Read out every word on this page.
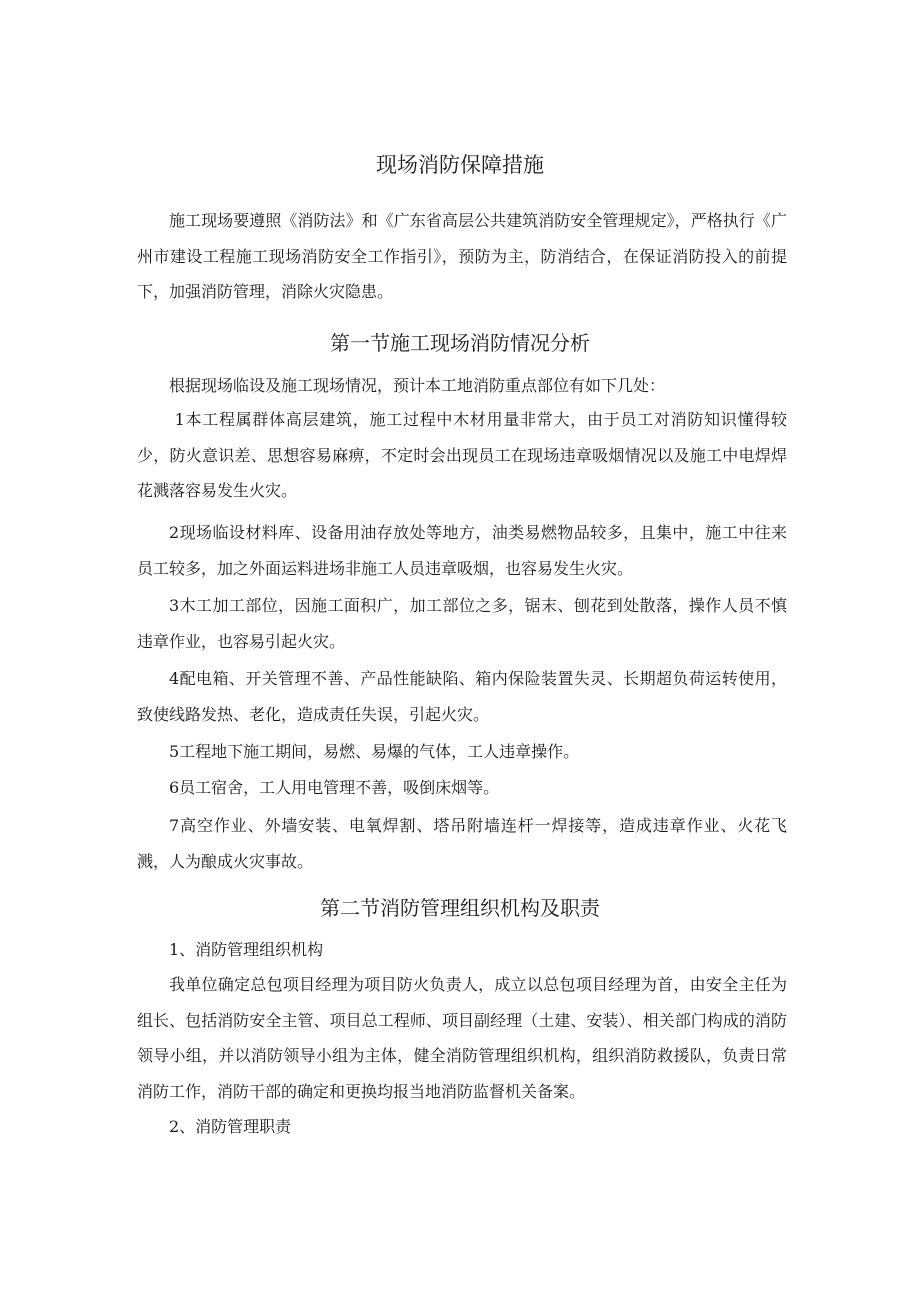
现场消防保障措施

施工现场要遵照《消防法》和《广东省高层公共建筑消防安全管理规定》，严格执行《广州市建设工程施工现场消防安全工作指引》，预防为主，防消结合，在保证消防投入的前提下，加强消防管理，消除火灾隐患。

第一节施工现场消防情况分析

根据现场临设及施工现场情况，预计本工地消防重点部位有如下几处：

1本工程属群体高层建筑，施工过程中木材用量非常大，由于员工对消防知识懂得较少，防火意识差、思想容易麻痹，不定时会出现员工在现场违章吸烟情况以及施工中电焊焊花溅落容易发生火灾。

2现场临设材料库、设备用油存放处等地方，油类易燃物品较多，且集中，施工中往来员工较多，加之外面运料进场非施工人员违章吸烟，也容易发生火灾。

3木工加工部位，因施工面积广，加工部位之多，锯末、刨花到处散落，操作人员不慎违章作业，也容易引起火灾。

4配电箱、开关管理不善、产品性能缺陷、箱内保险装置失灵、长期超负荷运转使用，致使线路发热、老化，造成责任失误，引起火灾。

5工程地下施工期间，易燃、易爆的气体，工人违章操作。

6员工宿舍，工人用电管理不善，吸倒床烟等。

7高空作业、外墙安装、电氧焊割、塔吊附墙连杆一焊接等，造成违章作业、火花飞溅，人为酿成火灾事故。

第二节消防管理组织机构及职责

1、消防管理组织机构

我单位确定总包项目经理为项目防火负责人，成立以总包项目经理为首，由安全主任为组长、包括消防安全主管、项目总工程师、项目副经理（土建、安装）、相关部门构成的消防领导小组，并以消防领导小组为主体，健全消防管理组织机构，组织消防救援队，负责日常消防工作，消防干部的确定和更换均报当地消防监督机关备案。

2、消防管理职责
